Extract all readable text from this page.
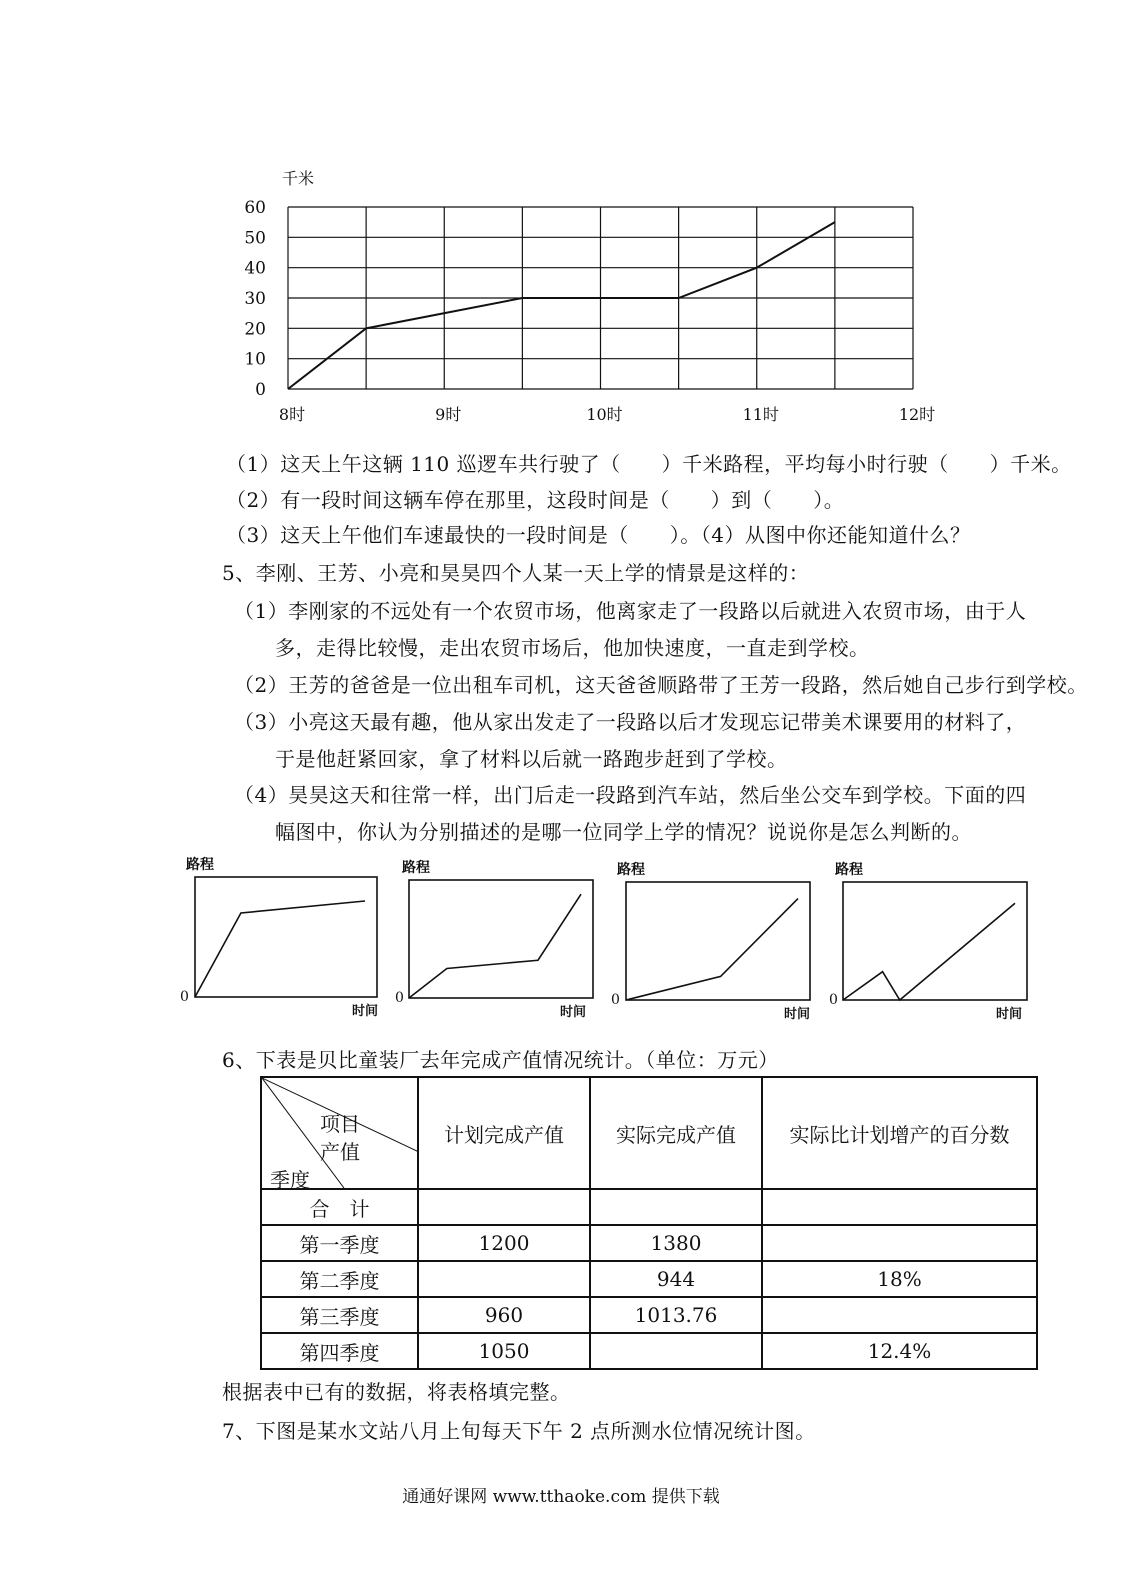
千米
0
10
20
30
40
50
60
8时	9时	10时	11时	12时
（1）这天上午这辆 110 巡逻车共行驶了（　　）千米路程，平均每小时行驶（　　）千米。
（2）有一段时间这辆车停在那里，这段时间是（　　）到（　　）。
（3）这天上午他们车速最快的一段时间是（　　）。（4）从图中你还能知道什么？
5、李刚、王芳、小亮和昊昊四个人某一天上学的情景是这样的：
（1）李刚家的不远处有一个农贸市场，他离家走了一段路以后就进入农贸市场，由于人
多，走得比较慢，走出农贸市场后，他加快速度，一直走到学校。
（2）王芳的爸爸是一位出租车司机，这天爸爸顺路带了王芳一段路，然后她自己步行到学校。
（3）小亮这天最有趣，他从家出发走了一段路以后才发现忘记带美术课要用的材料了，
于是他赶紧回家，拿了材料以后就一路跑步赶到了学校。
（4）昊昊这天和往常一样，出门后走一段路到汽车站，然后坐公交车到学校。下面的四
幅图中，你认为分别描述的是哪一位同学上学的情况？说说你是怎么判断的。
路程
时间
0
路程
时间
0
路程
时间
0
路程
时间
0
6、下表是贝比童装厂去年完成产值情况统计。（单位：万元）
项目
产值
季度	计划完成产值	实际完成产值	实际比计划增产的百分数
合　计			
第一季度	1200	1380	
第二季度		944	18%
第三季度	960	1013.76	
第四季度	1050		12.4%
根据表中已有的数据，将表格填完整。
7、下图是某水文站八月上旬每天下午 2 点所测水位情况统计图。
通通好课网 www.tthaoke.com 提供下载
